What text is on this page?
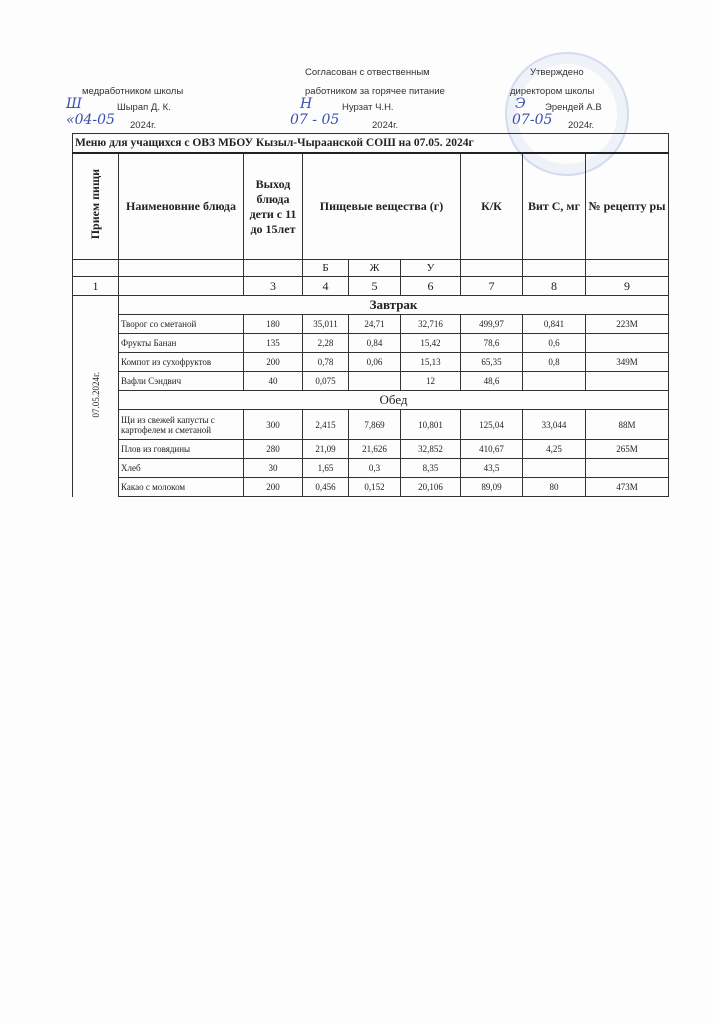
медработником школы
Ш	Шырап Д. К.
«04-05 2024г.
Согласован с отвественным
работником за горячее питание
Н	Нурзат Ч.Н.
07 - 05	2024г.
Утверждено
директором школы
Э Эрендей А.В
07-05 2024г.
Меню для учащихся с ОВЗ МБОУ Кызыл-Чыраанской СОШ на 07.05. 2024г								
Прием пищи	Наименовние блюда	Выход блюда дети с 11 до 15лет	Пищевые вещества (г)			К/К	Вит С, мг	№ рецепту ры
			Б	Ж	У			
1		3	4	5	6	7	8	9
07.05.2024г.	Завтрак							
	Творог со сметаной	180	35,011	24,71	32,716	499,97	0,841	223М
	Фрукты Банан	135	2,28	0,84	15,42	78,6	0,6	
	Компот из сухофруктов	200	0,78	0,06	15,13	65,35	0,8	349М
	Вафли Сэндвич	40	0,075		12	48,6		
	Обед							
	Щи из свежей капусты с картофелем и сметаной	300	2,415	7,869	10,801	125,04	33,044	88М
	Плов из говядины	280	21,09	21,626	32,852	410,67	4,25	265М
	Хлеб	30	1,65	0,3	8,35	43,5		
	Какао с молоком	200	0,456	0,152	20,106	89,09	80	473М
